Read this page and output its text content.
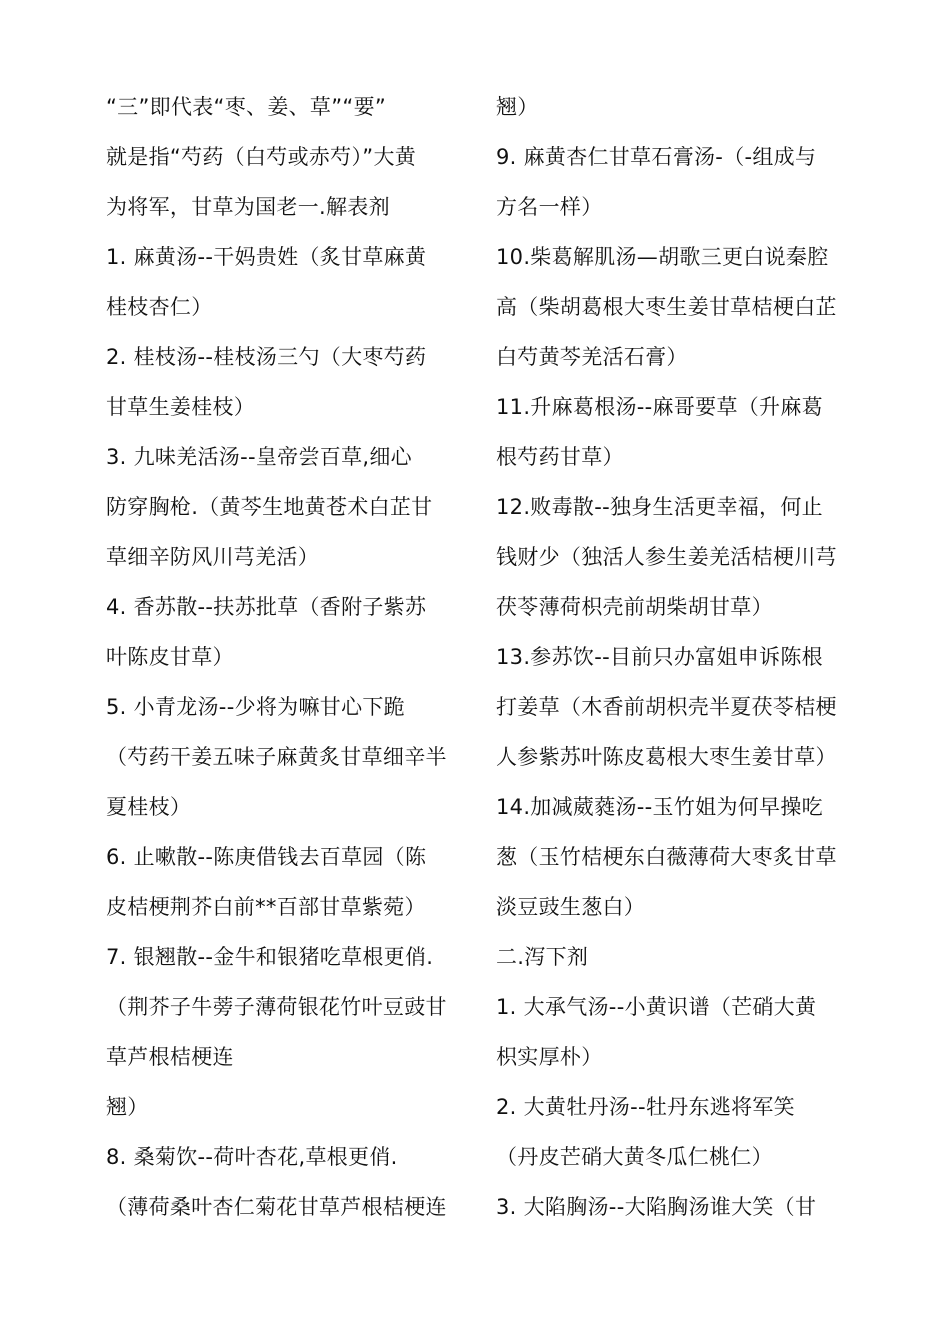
“三”即代表“枣、姜、草”“要”
就是指“芍药（白芍或赤芍）”大黄
为将军，甘草为国老一.解表剂
1. 麻黄汤--干妈贵姓（炙甘草麻黄
桂枝杏仁）
2. 桂枝汤--桂枝汤三勺（大枣芍药
甘草生姜桂枝）
3. 九味羌活汤--皇帝尝百草,细心
防穿胸枪.（黄芩生地黄苍术白芷甘
草细辛防风川芎羌活）
4. 香苏散--扶苏批草（香附子紫苏
叶陈皮甘草）
5. 小青龙汤--少将为嘛甘心下跪
（芍药干姜五味子麻黄炙甘草细辛半
夏桂枝）
6. 止嗽散--陈庚借钱去百草园（陈
皮桔梗荆芥白前**百部甘草紫菀）
7. 银翘散--金牛和银猪吃草根更俏.
（荆芥子牛蒡子薄荷银花竹叶豆豉甘
草芦根桔梗连
翘）
8. 桑菊饮--荷叶杏花,草根更俏.
（薄荷桑叶杏仁菊花甘草芦根桔梗连
翘）
9. 麻黄杏仁甘草石膏汤-（-组成与
方名一样）
10.柴葛解肌汤—胡歌三更白说秦腔
高（柴胡葛根大枣生姜甘草桔梗白芷
白芍黄芩羌活石膏）
11.升麻葛根汤--麻哥要草（升麻葛
根芍药甘草）
12.败毒散--独身生活更幸福，何止
钱财少（独活人参生姜羌活桔梗川芎
茯苓薄荷枳壳前胡柴胡甘草）
13.参苏饮--目前只办富姐申诉陈根
打姜草（木香前胡枳壳半夏茯苓桔梗
人参紫苏叶陈皮葛根大枣生姜甘草）
14.加减葳蕤汤--玉竹姐为何早操吃
葱（玉竹桔梗东白薇薄荷大枣炙甘草
淡豆豉生葱白）
二.泻下剂
1. 大承气汤--小黄识谱（芒硝大黄
枳实厚朴）
2. 大黄牡丹汤--牡丹东逃将军笑
（丹皮芒硝大黄冬瓜仁桃仁）
3. 大陷胸汤--大陷胸汤谁大笑（甘
